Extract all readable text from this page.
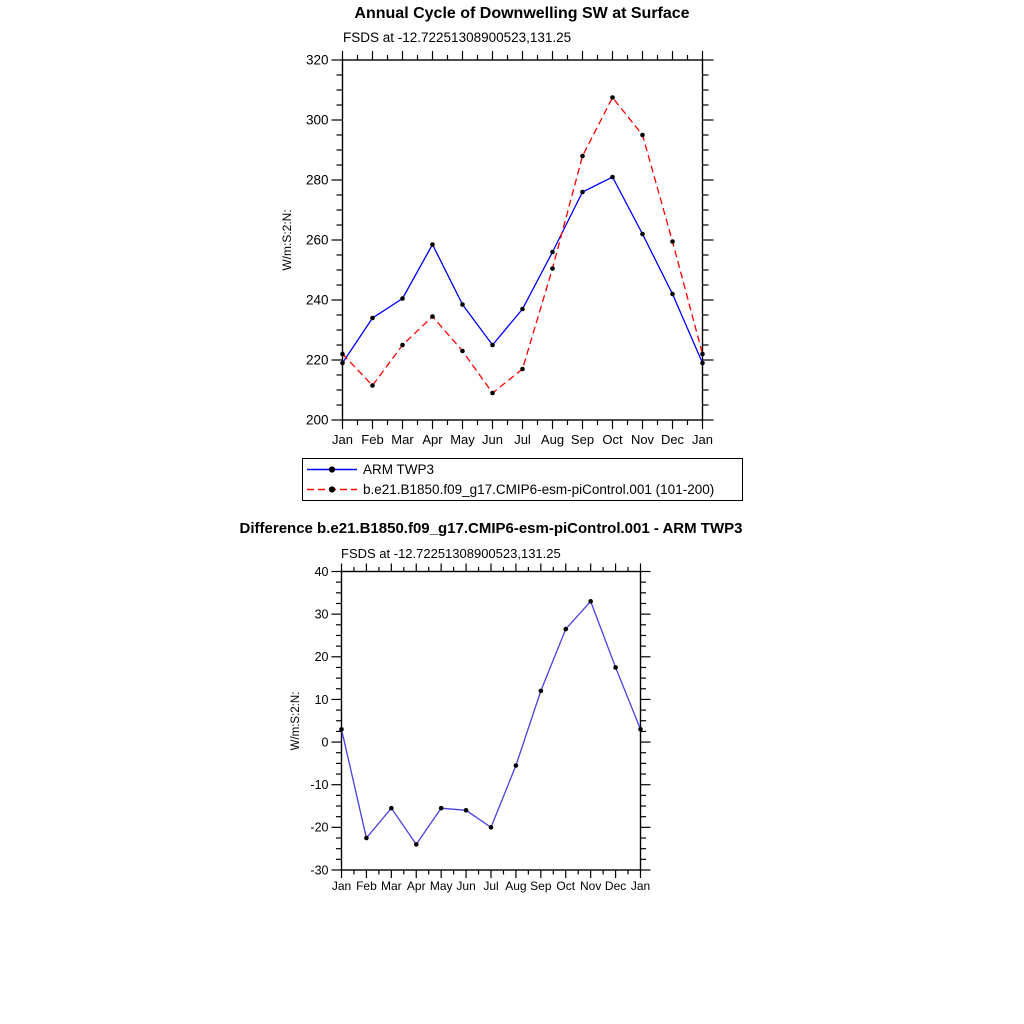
200
220
240
260
280
300
320
Jan Feb Mar Apr May Jun Jul Aug Sep Oct Nov Dec Jan
-30
-20
-10
0
10
20
30
40
Jan Feb Mar Apr May Jun Jul Aug Sep Oct Nov Dec Jan
Annual Cycle of Downwelling SW at Surface
FSDS at -12.72251308900523,131.25
W/m:S:2:N:
ARM TWP3
b.e21.B1850.f09_g17.CMIP6-esm-piControl.001 (101-200)
Difference b.e21.B1850.f09_g17.CMIP6-esm-piControl.001 - ARM TWP3
FSDS at -12.72251308900523,131.25
W/m:S:2:N:
